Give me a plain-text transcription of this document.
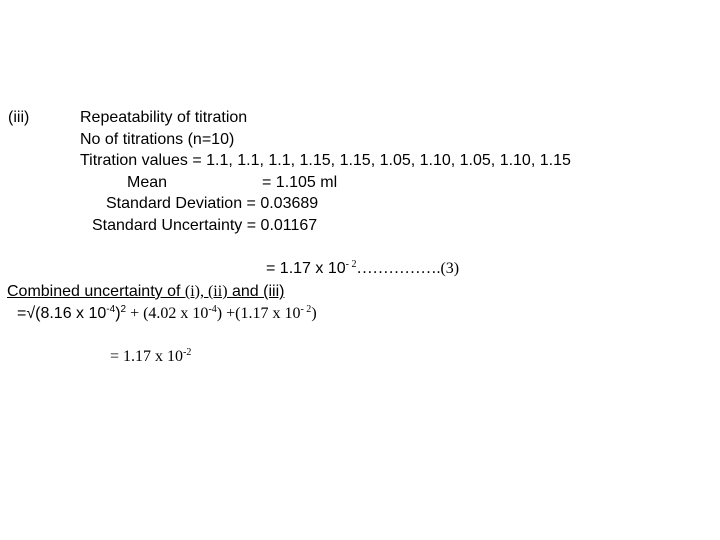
(iii)	Repeatability of titration
No of titrations (n=10)
Titration values = 1.1, 1.1, 1.1, 1.15, 1.15, 1.05, 1.10, 1.05, 1.10, 1.15
Mean	= 1.105 ml
Standard Deviation = 0.03689
Standard Uncertainty = 0.01167
= 1.17 x $10^{- 2}\dots\dots\dots\dots\dots.(3)$
Combined uncertainty of (i), (ii) and (iii)
=√(8.16 x $10^{-4})^2 + (4.02$ x $10^{-4}) +(1.17$ x $10^{- 2}$)
= 1.17 x $10^{-2}$
